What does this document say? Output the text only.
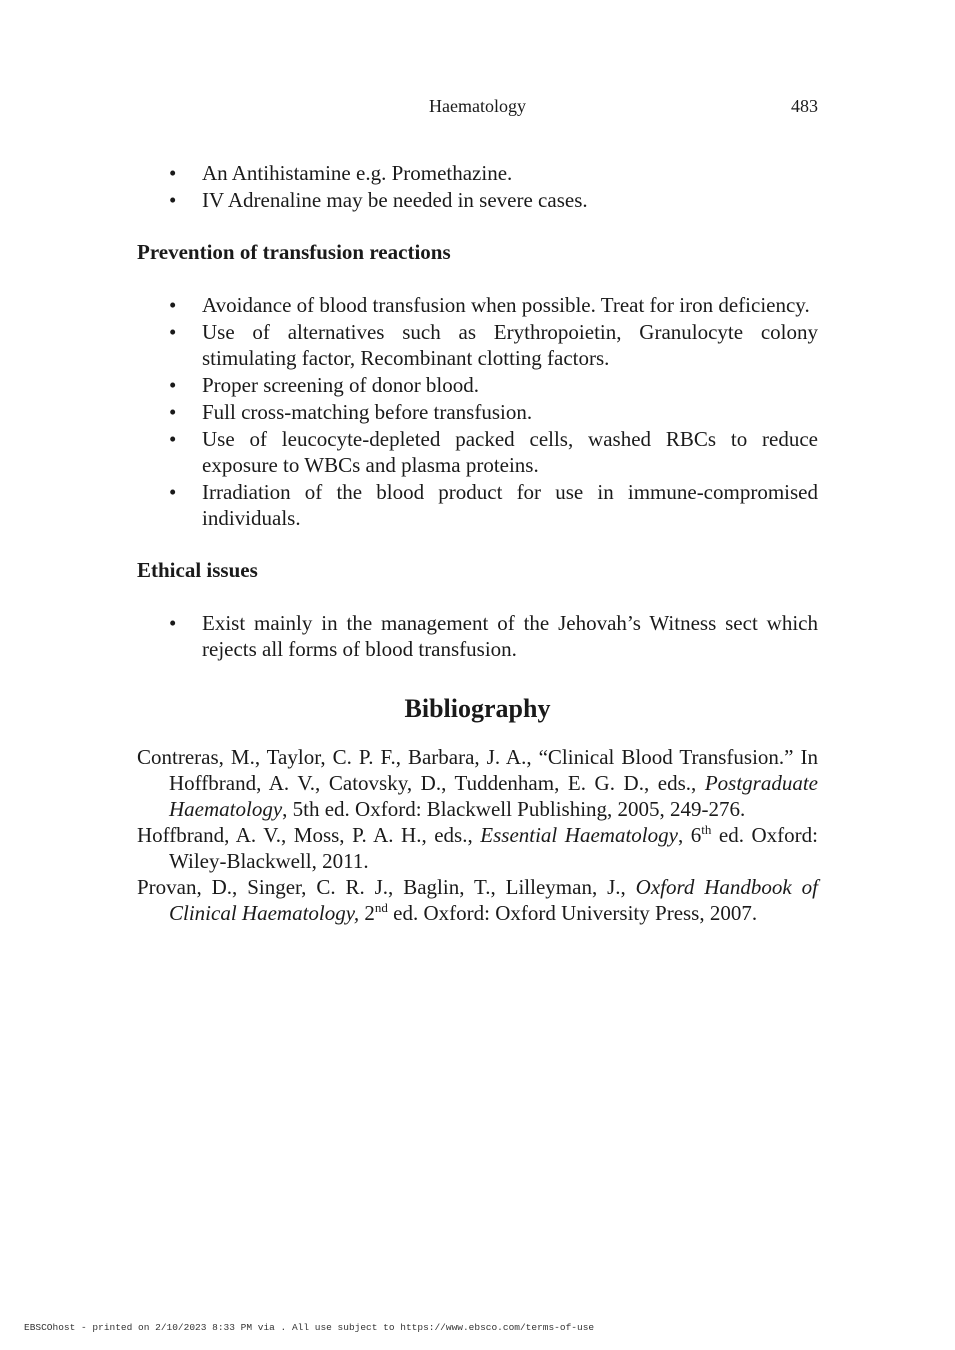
Haematology	483
• An Antihistamine e.g. Promethazine.
• IV Adrenaline may be needed in severe cases.
Prevention of transfusion reactions
• Avoidance of blood transfusion when possible. Treat for iron deficiency.
• Use of alternatives such as Erythropoietin, Granulocyte colony stimulating factor, Recombinant clotting factors.
• Proper screening of donor blood.
• Full cross-matching before transfusion.
• Use of leucocyte-depleted packed cells, washed RBCs to reduce exposure to WBCs and plasma proteins.
• Irradiation of the blood product for use in immune-compromised individuals.
Ethical issues
• Exist mainly in the management of the Jehovah’s Witness sect which rejects all forms of blood transfusion.
Bibliography
Contreras, M., Taylor, C. P. F., Barbara, J. A., “Clinical Blood Transfusion.” In Hoffbrand, A. V., Catovsky, D., Tuddenham, E. G. D., eds., Postgraduate Haematology, 5th ed. Oxford: Blackwell Publishing, 2005, 249-276.
Hoffbrand, A. V., Moss, P. A. H., eds., Essential Haematology, 6th ed. Oxford: Wiley-Blackwell, 2011.
Provan, D., Singer, C. R. J., Baglin, T., Lilleyman, J., Oxford Handbook of Clinical Haematology, 2nd ed. Oxford: Oxford University Press, 2007.
EBSCOhost - printed on 2/10/2023 8:33 PM via . All use subject to https://www.ebsco.com/terms-of-use
